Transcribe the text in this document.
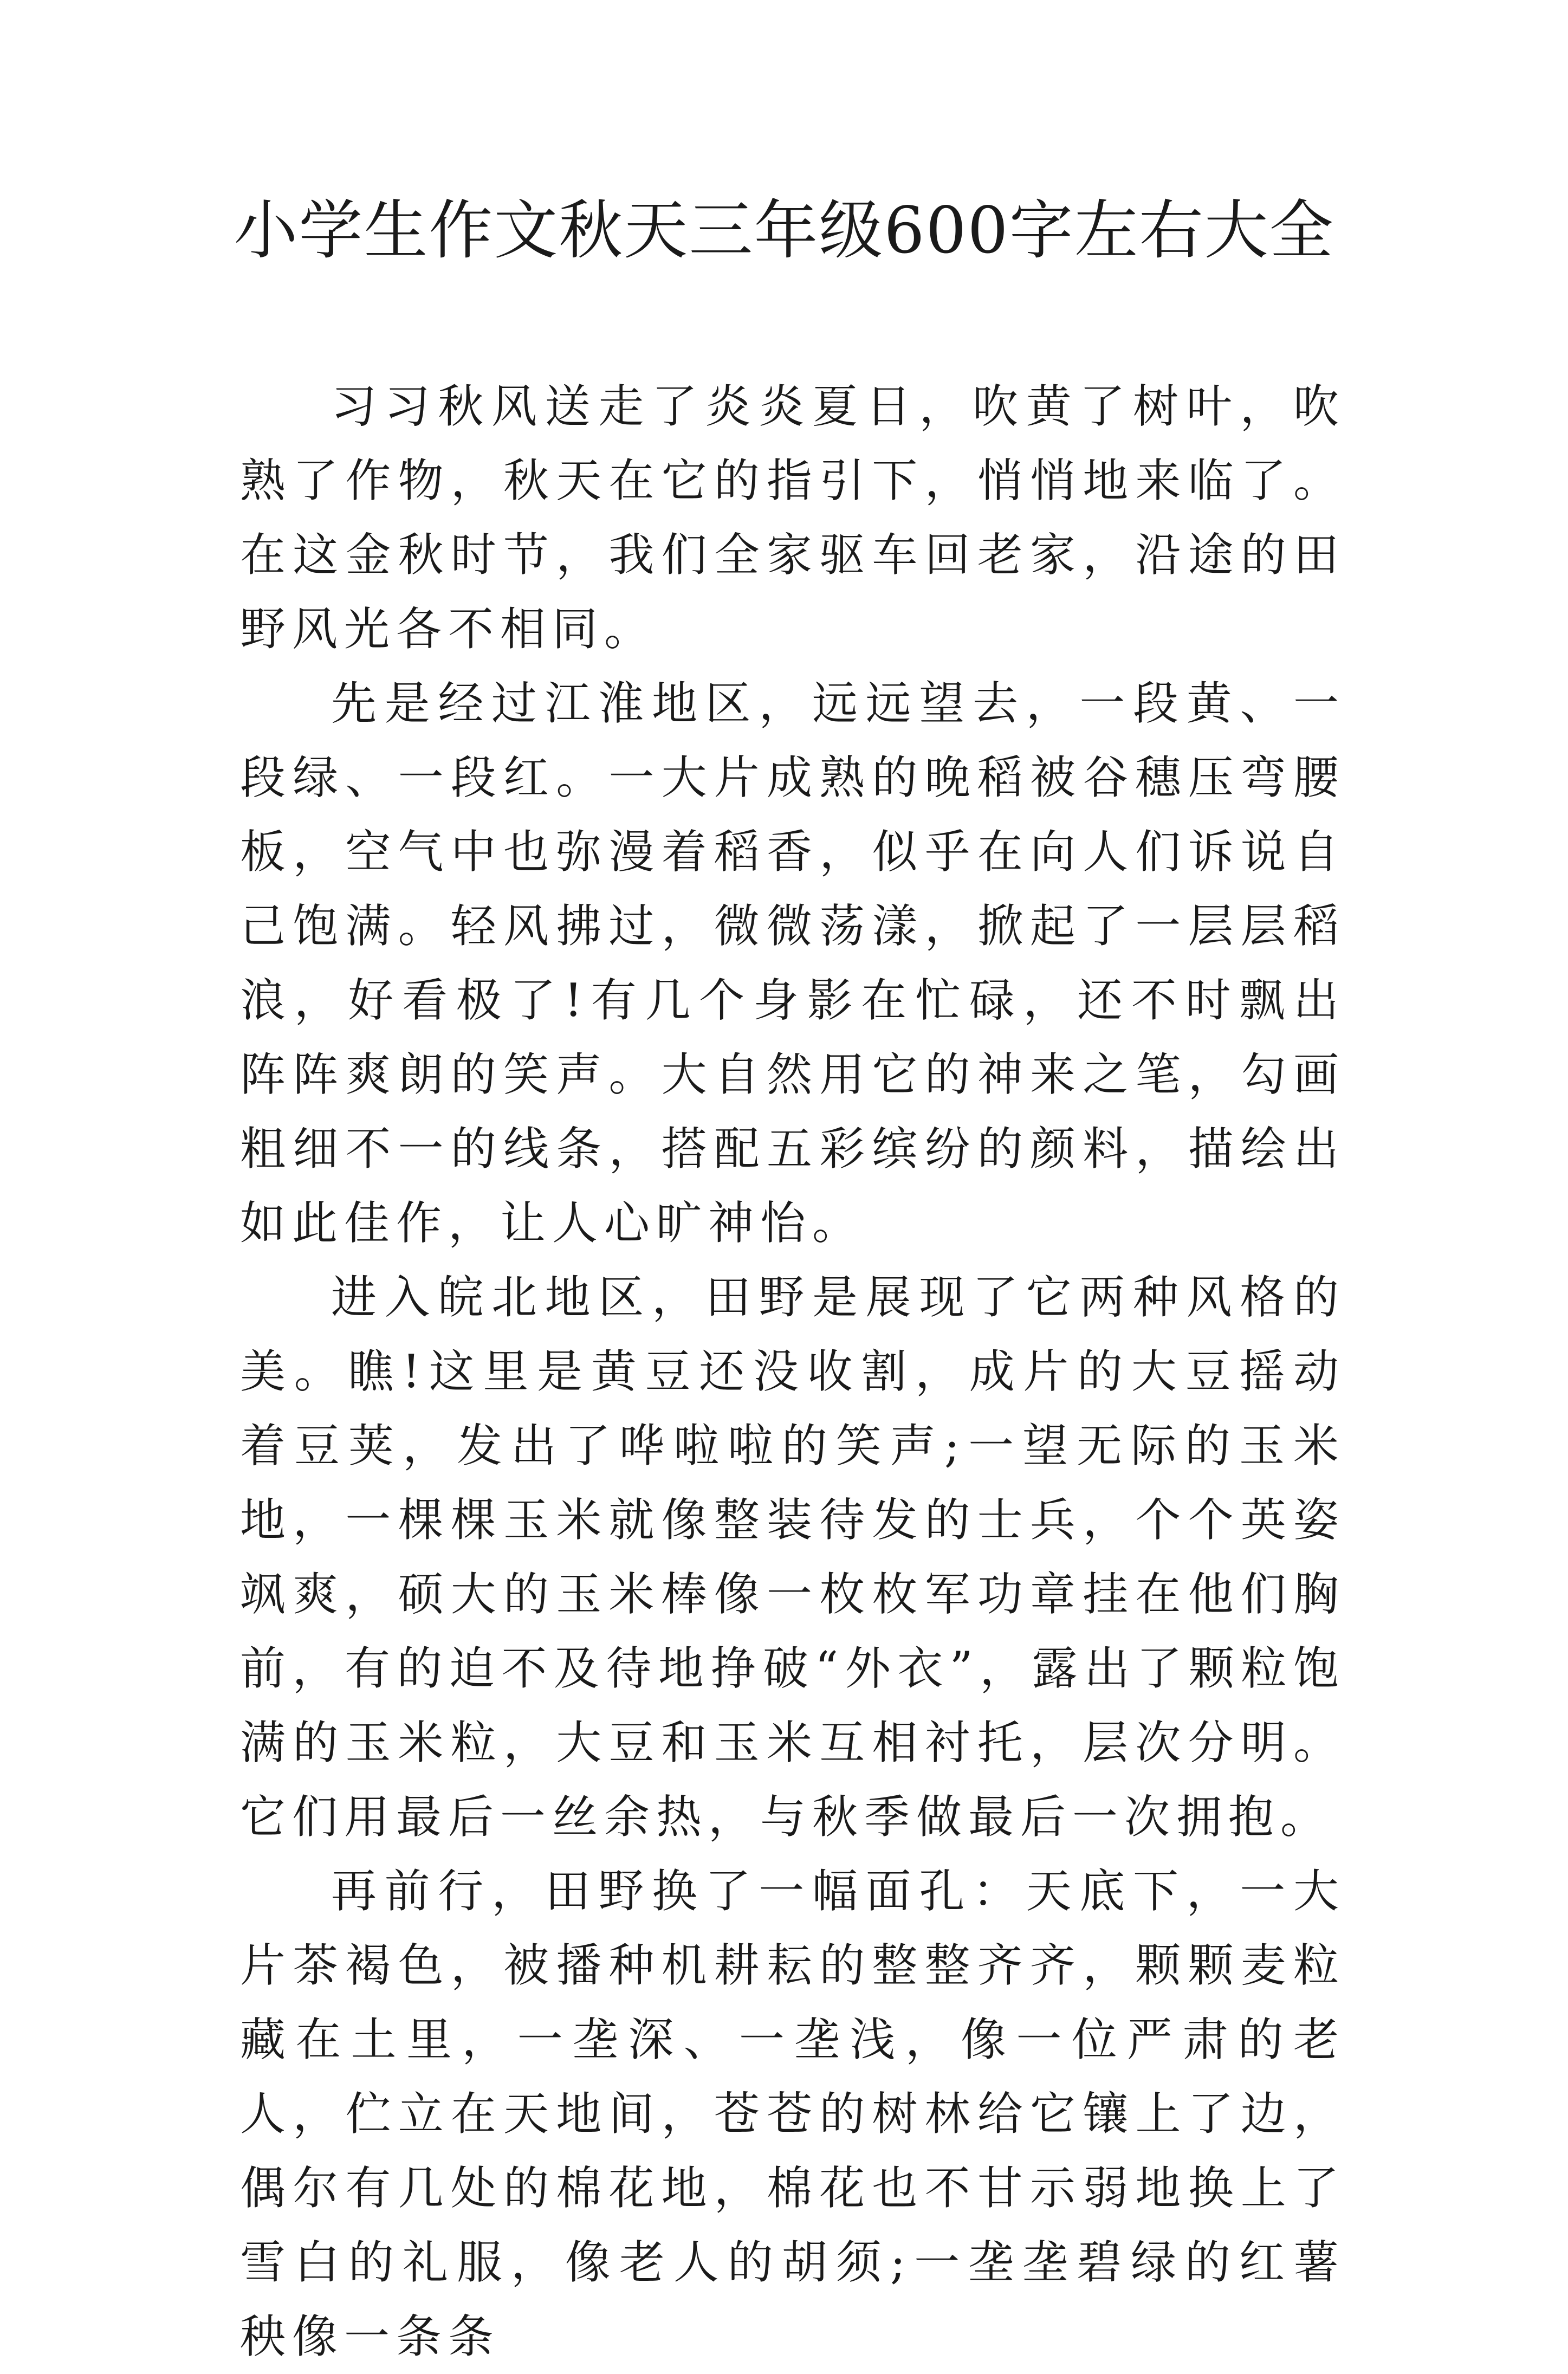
小学生作文秋天三年级600字左右大全

习习秋风送走了炎炎夏日，吹黄了树叶，吹熟了作物，秋天在它的指引下，悄悄地来临了。在这金秋时节，我们全家驱车回老家，沿途的田野风光各不相同。

先是经过江淮地区，远远望去，一段黄、一段绿、一段红。一大片成熟的晚稻被谷穗压弯腰板，空气中也弥漫着稻香，似乎在向人们诉说自己饱满。轻风拂过，微微荡漾，掀起了一层层稻浪，好看极了!有几个身影在忙碌，还不时飘出阵阵爽朗的笑声。大自然用它的神来之笔，勾画粗细不一的线条，搭配五彩缤纷的颜料，描绘出如此佳作，让人心旷神怡。

进入皖北地区，田野是展现了它两种风格的美。瞧!这里是黄豆还没收割，成片的大豆摇动着豆荚，发出了哗啦啦的笑声;一望无际的玉米地，一棵棵玉米就像整装待发的士兵，个个英姿飒爽，硕大的玉米棒像一枚枚军功章挂在他们胸前，有的迫不及待地挣破“外衣”，露出了颗粒饱满的玉米粒，大豆和玉米互相衬托，层次分明。它们用最后一丝余热，与秋季做最后一次拥抱。

再前行，田野换了一幅面孔：天底下，一大片茶褐色，被播种机耕耘的整整齐齐，颗颗麦粒藏在土里，一垄深、一垄浅，像一位严肃的老人，伫立在天地间，苍苍的树林给它镶上了边，偶尔有几处的棉花地，棉花也不甘示弱地换上了雪白的礼服，像老人的胡须;一垄垄碧绿的红薯秧像一条条
